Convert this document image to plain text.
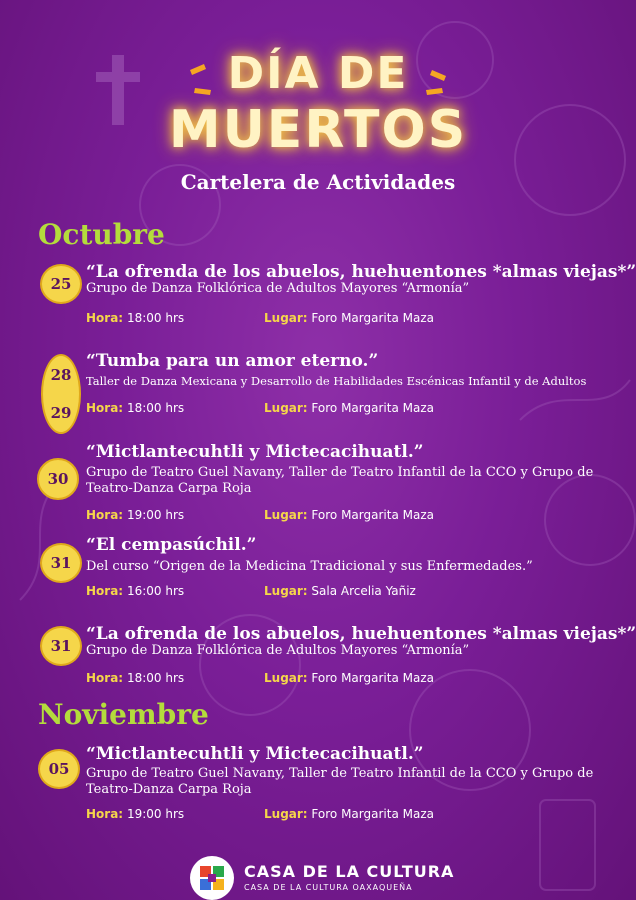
DÍA DE
MUERTOS
Cartelera de Actividades
Octubre
25
“La ofrenda de los abuelos, huehuentones *almas viejas*”
Grupo de Danza Folklórica de Adultos Mayores “Armonía”
Hora: 18:00 hrs	Lugar: Foro Margarita Maza
28
29
“Tumba para un amor eterno.”
Taller de Danza Mexicana y Desarrollo de Habilidades Escénicas Infantil y de Adultos
Hora: 18:00 hrs	Lugar: Foro Margarita Maza
30
“Mictlantecuhtli y Mictecacihuatl.”
Grupo de Teatro Guel Navany, Taller de Teatro Infantil de la CCO y Grupo de Teatro-Danza Carpa Roja
Hora: 19:00 hrs	Lugar: Foro Margarita Maza
31
“El cempasúchil.”
Del curso “Origen de la Medicina Tradicional y sus Enfermedades.”
Hora: 16:00 hrs	Lugar: Sala Arcelia Yañiz
31
“La ofrenda de los abuelos, huehuentones *almas viejas*”
Grupo de Danza Folklórica de Adultos Mayores “Armonía”
Hora: 18:00 hrs	Lugar: Foro Margarita Maza
Noviembre
05
“Mictlantecuhtli y Mictecacihuatl.”
Grupo de Teatro Guel Navany, Taller de Teatro Infantil de la CCO y Grupo de Teatro-Danza Carpa Roja
Hora: 19:00 hrs	Lugar: Foro Margarita Maza
CASA DE LA CULTURA
CASA DE LA CULTURA OAXAQUEÑA
